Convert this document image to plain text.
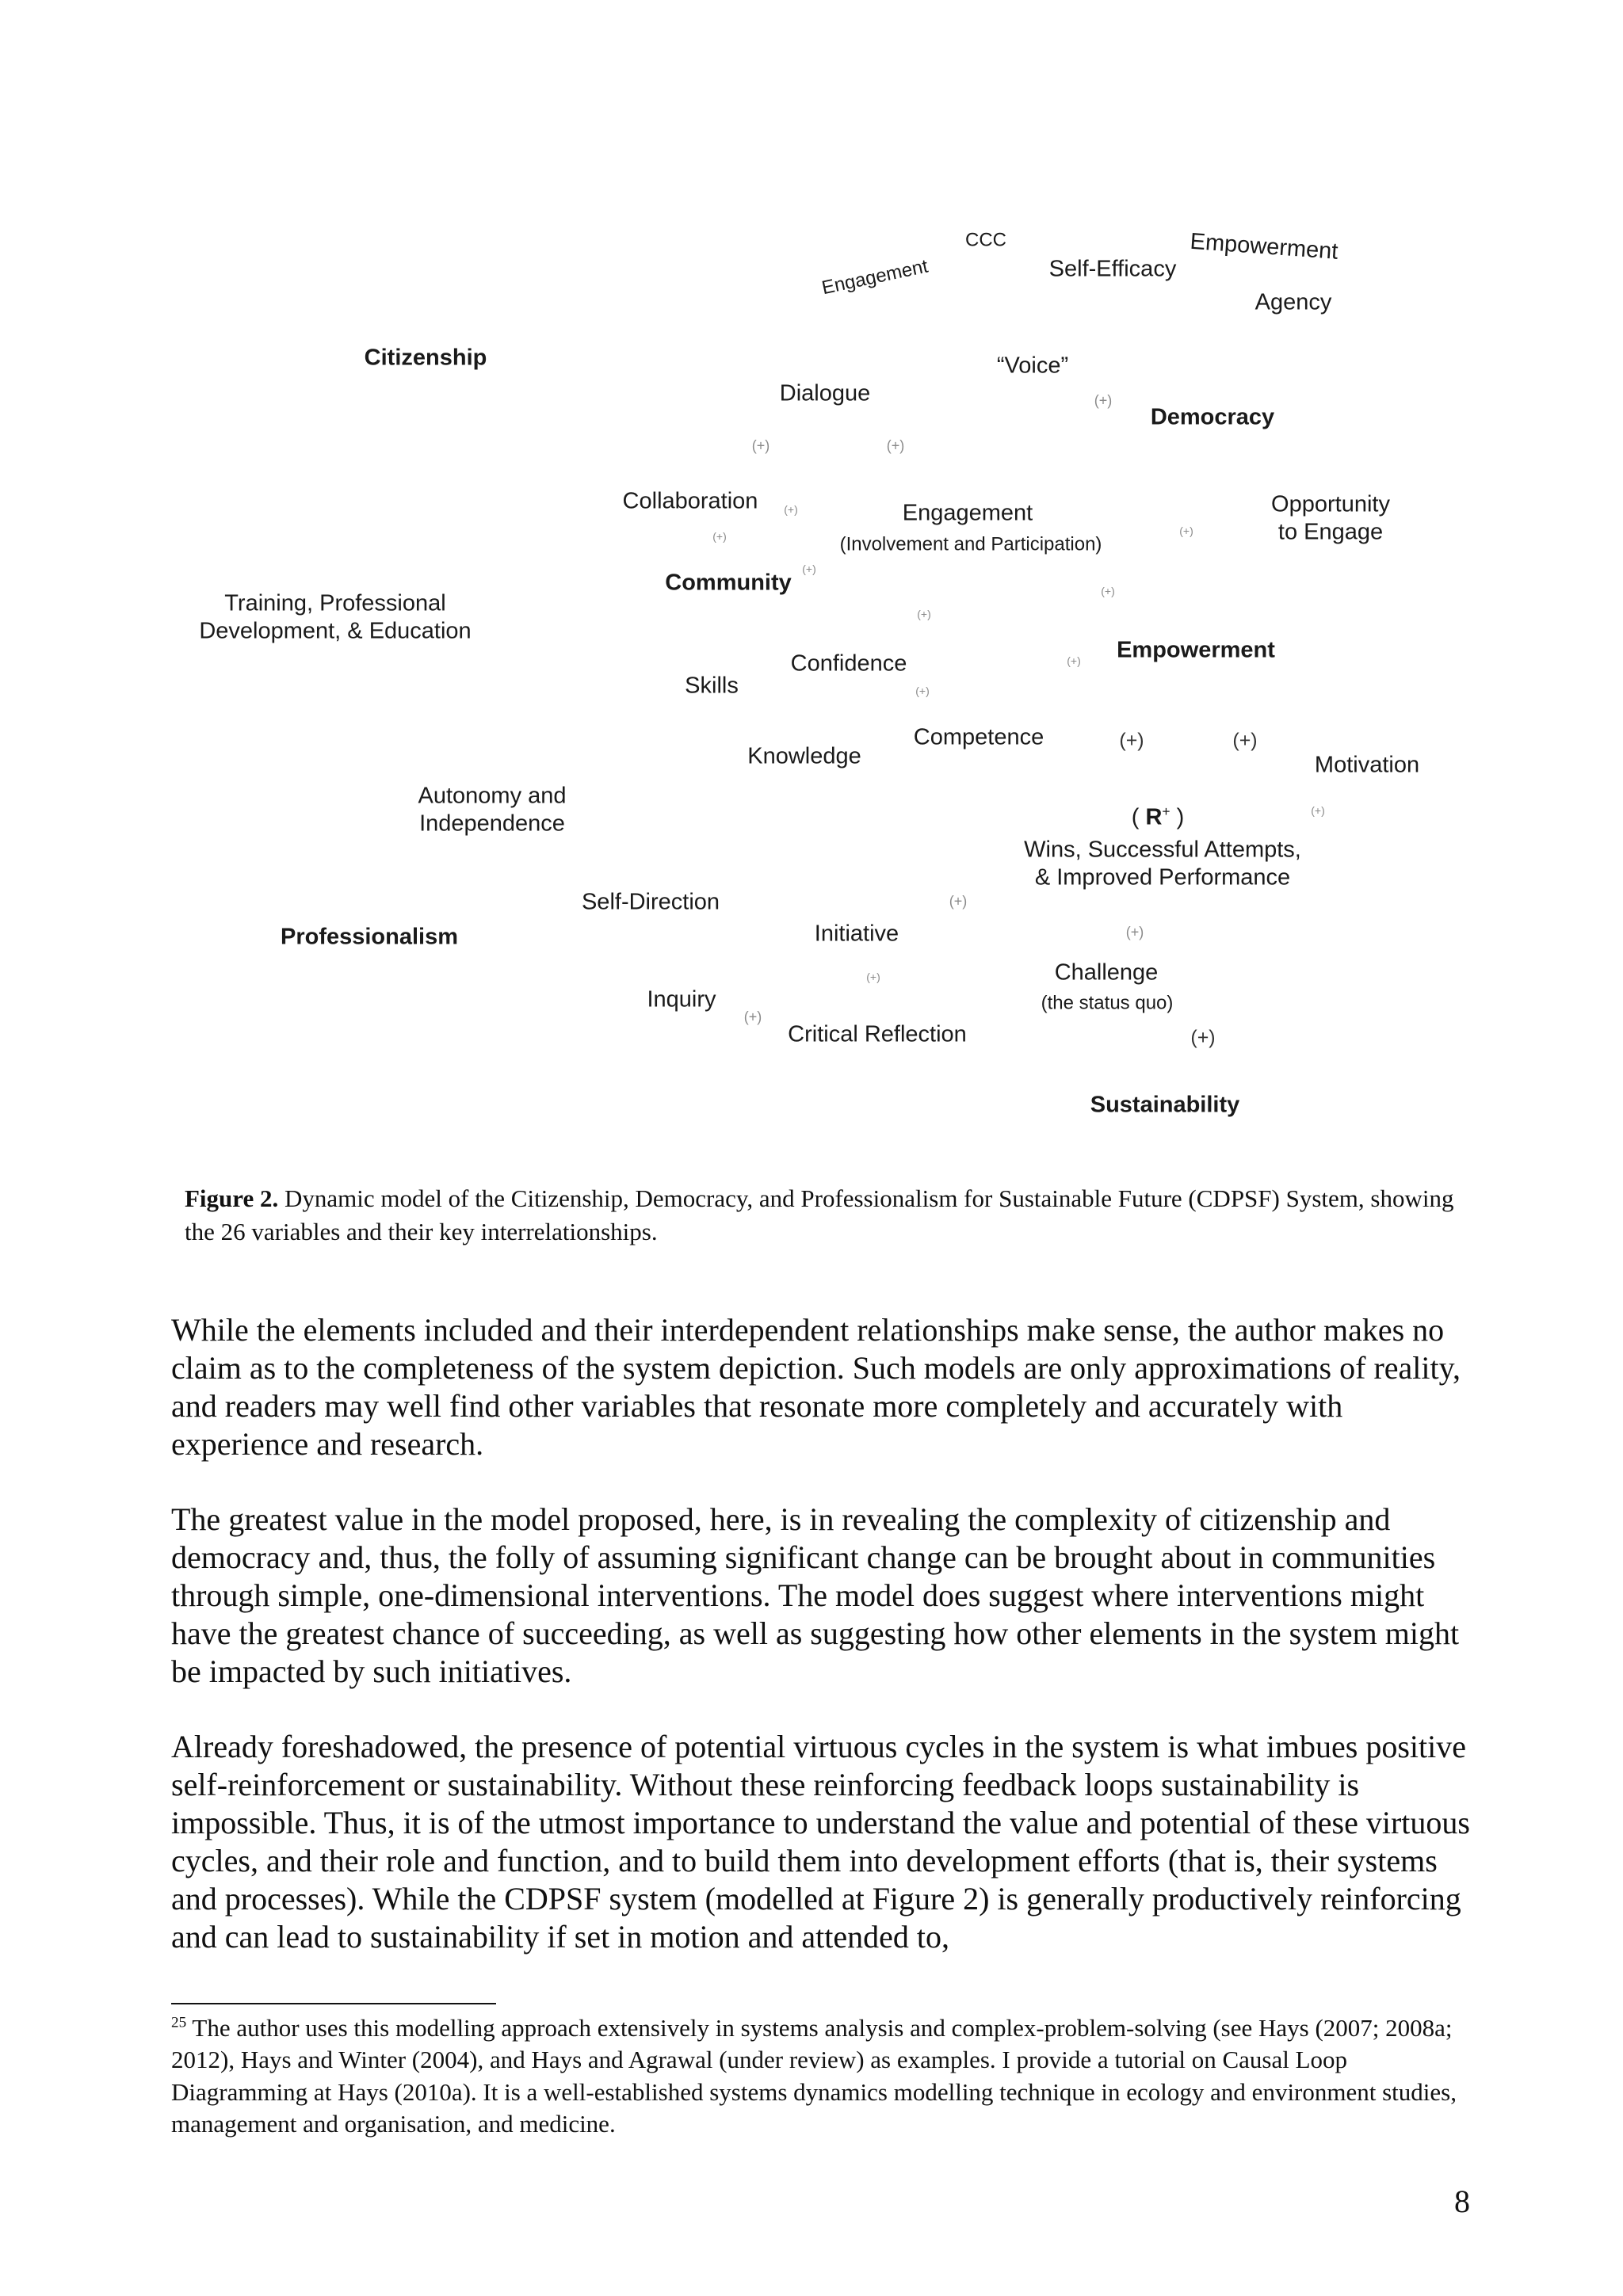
CCC
Engagement	Self-Efficacy
Empowerment
Agency
Citizenship	“Voice”
Dialogue
Democracy
Collaboration	Engagement
(Involvement and Participation)
Opportunity
to Engage
Community
Training, Professional
Development, & Education
Empowerment
Confidence
Skills
Competence
Knowledge	Motivation
Autonomy and
Independence
Wins, Successful Attempts,
& Improved Performance
Self-Direction
Professionalism	Initiative
Challenge
(the status quo)
Inquiry
Critical Reflection
Sustainability
( R+ )
(+)
(+)	(+)
(+)
(+)	(+)
(+)
(+)
(+)
(+)
(+)
(+)	(+)
(+)
(+)
(+)
(+)
(+)
(+)
Figure 2. Dynamic model of the Citizenship, Democracy, and Professionalism for Sustainable Future (CDPSF) System, showing the 26 variables and their key interrelationships.

While the elements included and their interdependent relationships make sense, the author makes no claim as to the completeness of the system depiction. Such models are only approximations of reality, and readers may well find other variables that resonate more completely and accurately with experience and research.

The greatest value in the model proposed, here, is in revealing the complexity of citizenship and democracy and, thus, the folly of assuming significant change can be brought about in communities through simple, one-dimensional interventions. The model does suggest where interventions might have the greatest chance of succeeding, as well as suggesting how other elements in the system might be impacted by such initiatives.

Already foreshadowed, the presence of potential virtuous cycles in the system is what imbues positive self-reinforcement or sustainability. Without these reinforcing feedback loops sustainability is impossible. Thus, it is of the utmost importance to understand the value and potential of these virtuous cycles, and their role and function, and to build them into development efforts (that is, their systems and processes). While the CDPSF system (modelled at Figure 2) is generally productively reinforcing and can lead to sustainability if set in motion and attended to,

$^{25}$ The author uses this modelling approach extensively in systems analysis and complex-problem-solving (see Hays (2007; 2008a; 2012), Hays and Winter (2004), and Hays and Agrawal (under review) as examples. I provide a tutorial on Causal Loop Diagramming at Hays (2010a). It is a well-established systems dynamics modelling technique in ecology and environment studies, management and organisation, and medicine.
8
